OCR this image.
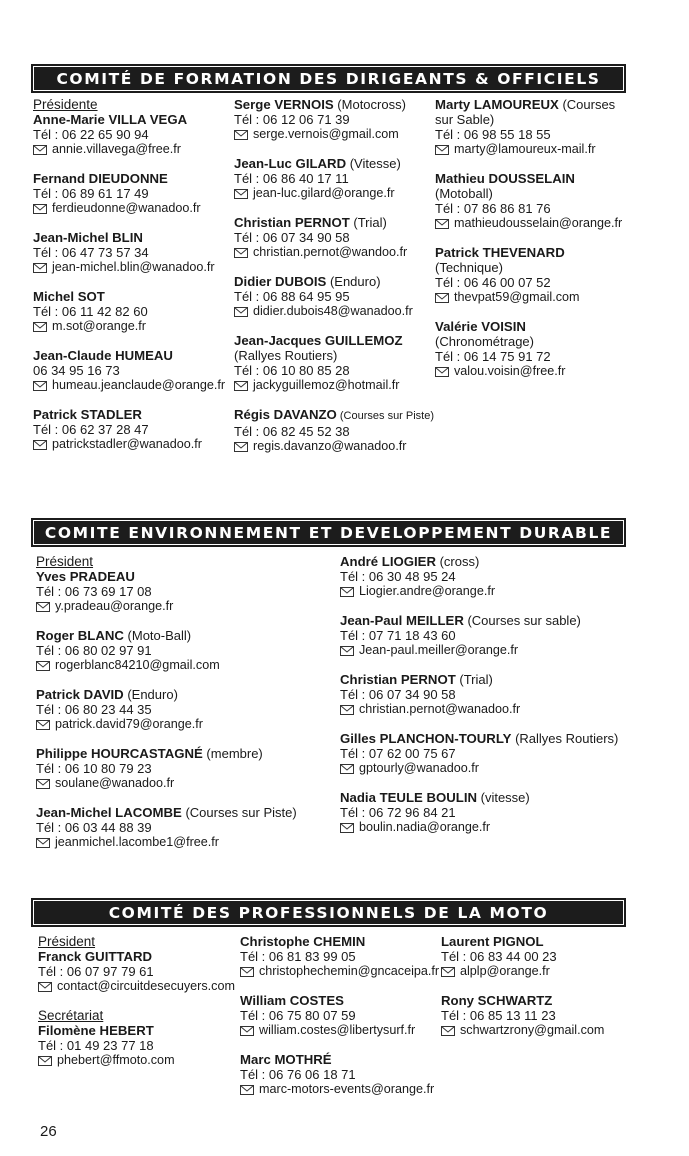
COMITÉ DE FORMATION DES DIRIGEANTS & OFFICIELS
Présidente
Anne-Marie VILLA VEGA
Tél : 06 22 65 90 94
annie.villavega@free.fr
Fernand DIEUDONNE
Tél : 06 89 61 17 49
ferdieudonne@wanadoo.fr
Jean-Michel BLIN
Tél : 06 47 73 57 34
jean-michel.blin@wanadoo.fr
Michel SOT
Tél : 06 11 42 82 60
m.sot@orange.fr
Jean-Claude HUMEAU
06 34 95 16 73
humeau.jeanclaude@orange.fr
Patrick STADLER
Tél : 06 62 37 28 47
patrickstadler@wanadoo.fr
Serge VERNOIS (Motocross)
Tél : 06 12 06 71 39
serge.vernois@gmail.com
Jean-Luc GILARD (Vitesse)
Tél : 06 86 40 17 11
jean-luc.gilard@orange.fr
Christian PERNOT (Trial)
Tél : 06 07 34 90 58
christian.pernot@wandoo.fr
Didier DUBOIS (Enduro)
Tél : 06 88 64 95 95
didier.dubois48@wanadoo.fr
Jean-Jacques GUILLEMOZ
(Rallyes Routiers)
Tél : 06 10 80 85 28
jackyguillemoz@hotmail.fr
Régis DAVANZO (Courses sur Piste)
Tél : 06 82 45 52 38
regis.davanzo@wanadoo.fr
Marty LAMOUREUX (Courses
sur Sable)
Tél : 06 98 55 18 55
marty@lamoureux-mail.fr
Mathieu DOUSSELAIN
(Motoball)
Tél : 07 86 86 81 76
mathieudousselain@orange.fr
Patrick THEVENARD
(Technique)
Tél : 06 46 00 07 52
thevpat59@gmail.com
Valérie VOISIN
(Chronométrage)
Tél : 06 14 75 91 72
valou.voisin@free.fr
COMITE ENVIRONNEMENT ET DEVELOPPEMENT DURABLE
Président
Yves PRADEAU
Tél : 06 73 69 17 08
y.pradeau@orange.fr
Roger BLANC (Moto-Ball)
Tél : 06 80 02 97 91
rogerblanc84210@gmail.com
Patrick DAVID (Enduro)
Tél : 06 80 23 44 35
patrick.david79@orange.fr
Philippe HOURCASTAGNÉ (membre)
Tél : 06 10 80 79 23
soulane@wanadoo.fr
Jean-Michel LACOMBE (Courses sur Piste)
Tél : 06 03 44 88 39
jeanmichel.lacombe1@free.fr
André LIOGIER (cross)
Tél : 06 30 48 95 24
Liogier.andre@orange.fr
Jean-Paul MEILLER (Courses sur sable)
Tél : 07 71 18 43 60
Jean-paul.meiller@orange.fr
Christian PERNOT (Trial)
Tél : 06 07 34 90 58
christian.pernot@wanadoo.fr
Gilles PLANCHON-TOURLY (Rallyes Routiers)
Tél : 07 62 00 75 67
gptourly@wanadoo.fr
Nadia TEULE BOULIN (vitesse)
Tél : 06 72 96 84 21
boulin.nadia@orange.fr
COMITÉ DES PROFESSIONNELS DE LA MOTO
Président
Franck GUITTARD
Tél : 06 07 97 79 61
contact@circuitdesecuyers.com
Secrétariat
Filomène HEBERT
Tél : 01 49 23 77 18
phebert@ffmoto.com
Christophe CHEMIN
Tél : 06 81 83 99 05
christophechemin@gncaceipa.fr
William COSTES
Tél : 06 75 80 07 59
william.costes@libertysurf.fr
Marc MOTHRÉ
Tél : 06 76 06 18 71
marc-motors-events@orange.fr
Laurent PIGNOL
Tél : 06 83 44 00 23
alplp@orange.fr
Rony SCHWARTZ
Tél : 06 85 13 11 23
schwartzrony@gmail.com
26
